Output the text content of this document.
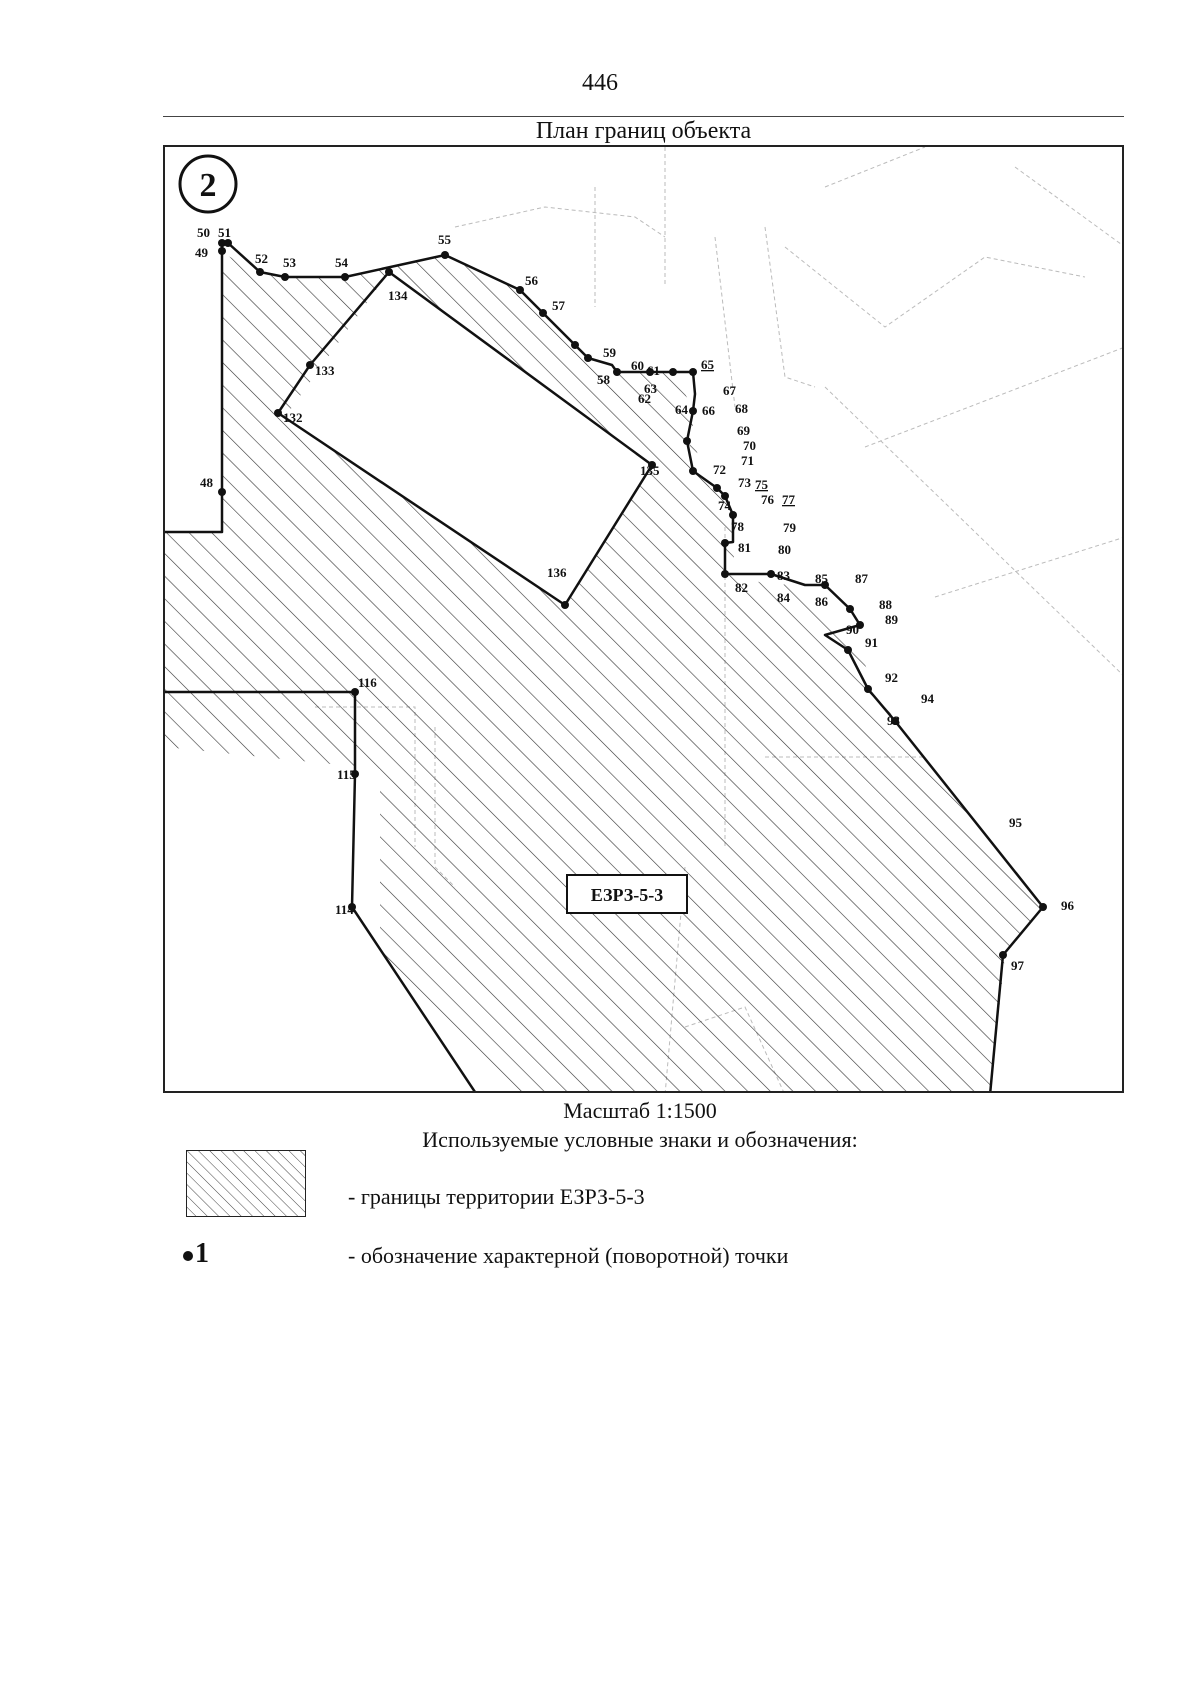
446
План границ объекта
48
49
50 51
52 53	54
55
56
57
58
59
60 61
62
63
64
65
66
67
68
69
70
71
72
73
74
75
76 77
78	79
80
81
82
83
84
85
86
87
88
89
90
91
92
93
94
95
96
97
114
115
116
132
133
134
135
136
2
ЕЗРЗ-5-3
Масштаб 1:1500
Используемые условные знаки и обозначения:
- границы территории ЕЗРЗ-5-3
1	- обозначение характерной (поворотной) точки
